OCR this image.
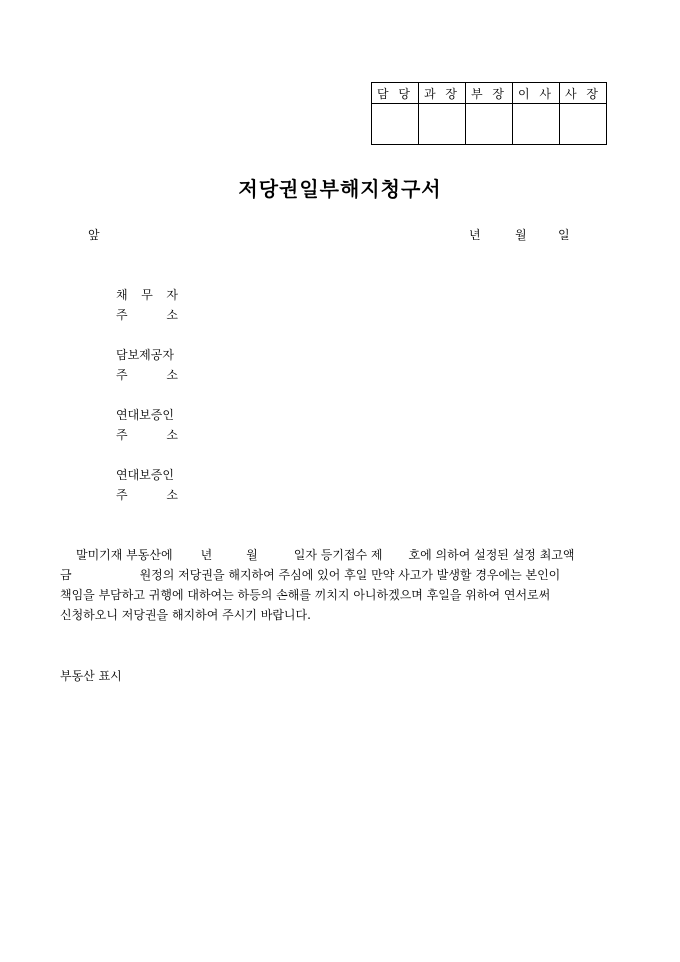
담 당	과 장	부 장	이 사	사 장

저당권일부해지청구서
앞	년	월	일
채 무 자
주	소
담보제공자
주	소
연대보증인
주	소
연대보증인
주	소
말미기재 부동산에 년	월	일자 등기접수 제 호에 의하여 설정된 설정 최고액
금	원정의 저당권을 해지하여 주심에 있어 후일 만약 사고가 발생할 경우에는 본인이
책임을 부담하고 귀행에 대하여는 하등의 손해를 끼치지 아니하겠으며 후일을 위하여 연서로써
신청하오니 저당권을 해지하여 주시기 바랍니다.
부동산 표시
